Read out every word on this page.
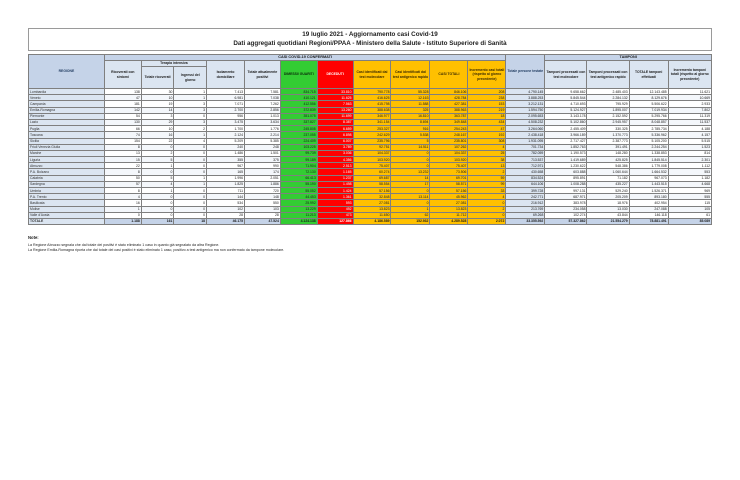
19 luglio 2021 - Aggiornamento casi Covid-19
Dati aggregati quotidiani Regioni/PPAA - Ministero della Salute - Istituto Superiore di Sanità
REGIONE	CASI COVID-19 CONFERMATI											Totale persone testate	TAMPONI			
	Ricoverati con sintomi	Terapia intensiva		Isolamento domiciliare	Totale attualmente positivi	DIMESSI/ GUARITI	DECEDUTI	Casi identificati dal test molecolare	Casi identificati dal test antigenico rapido	CASI TOTALI	Incremento casi totali (rispetto al giorno precedente)		Tamponi processati con test molecolare	Tamponi processati con test antigenico rapido	TOTALE tamponi effettuati	Incremento tamponi totali (rispetto al giorno precedente)
		Totale ricoverati	Ingressi del giorno													
Lombardia	138	30	1	7.413	7.581	834.715	33.810	790.778	55.328	846.106	208	4.790.145	9.658.662	2.485.403	12.143.485	11.621
Veneto	47	10	1	6.981	7.038	410.121	11.625	416.625	12.163	428.784	238	3.888.253	5.845.544	2.284.132	8.129.676	10.669
Campania	181	19	3	7.071	7.262	412.556	7.563	415.798	11.588	427.381	153	3.212.131	4.710.693	795.929	5.506.622	2.933
Emilia-Romagna	142	14	3	2.700	2.856	372.839	13.260	388.638	325	388.963	219	1.594.750	5.124.927	1.895.007	7.019.934	7.802
Piemonte	54	3	0	956	1.013	351.075	11.699	346.977	16.810	363.787	18	2.095.653	3.143.178	2.152.592	5.295.766	11.319
Lazio	130	29	3	3.475	3.634	337.827	8.387	341.154	8.694	349.848	434	4.508.232	5.102.860	2.945.957	8.048.857	11.537
Puglia	66	10	2	1.700	1.776	245.808	6.659	253.327	916	254.243	47	3.264.060	2.455.409	330.325	2.785.734	4.188
Toscana	74	16	1	2.124	2.214	237.055	6.898	242.629	5.538	248.167	192	2.438.418	3.966.189	1.370.773	5.336.962	4.157
Sicilia	154	22	4	5.209	5.385	224.409	6.007	235.796	5	235.801	308	1.931.095	2.717.427	2.387.773	5.105.200	5.515
Friuli Venezia Giulia	8	0	0	240	248	103.225	3.789	92.751	14.511	107.262	4	701.734	1.852.763	391.491	2.244.254	1.523
Marche	13	2	0	1.486	1.501	99.739	3.036	104.337	0	104.337	25	782.059	1.190.573	148.280	1.338.853	814
Liguria	15	5	0	355	375	99.189	4.356	103.920	0	103.920	38	713.537	1.419.689	425.825	1.845.514	2.301
Abruzzo	22	1	0	967	990	71.904	2.513	75.407	0	75.407	13	712.971	1.230.622	548.386	1.779.008	1.112
P.A. Bolzano	8	0	0	165	174	72.130	1.165	60.274	13.232	73.506	2	430.658	603.888	1.060.644	1.664.532	553
Calabria	50	5	1	1.996	2.051	66.413	1.237	69.687	14	69.701	59	834.524	895.891	71.182	967.073	1.182
Sardegna	57	4	1	1.825	1.886	55.190	1.498	58.554	17	58.571	99	644.106	1.008.288	435.227	1.443.515	4.668
Umbria	8	1	0	711	720	55.052	1.424	57.156	0	57.156	33	399.728	997.131	529.240	1.526.371	969
P.A. Trento	4	0	0	144	148	44.453	1.361	32.848	13.114	45.962	4	242.771	687.971	205.209	893.180	555
Basilicata	16	0	0	534	550	25.992	593	27.081	0	27.081	0	216.912	383.978	18.976	402.954	115
Molise	1	0	0	102	103	13.229	492	13.823	1	13.823	2	213.769	234.058	13.030	247.088	105
Valle d'Aosta	0	0	0	28	28	11.213	473	11.650	62	11.712	0	69.268	102.274	43.844	146.118	61
TOTALE	1.188	161	18	46.175	47.524	4.124.138	127.866	4.186.589	152.932	4.289.528	2.072	33.355.592	57.327.862	21.554.279	78.881.491	85.089
Note:
La Regione Abruzzo segnala che dal totale dei positivi è stato eliminato 1 caso in quanto già segnalato da altra Regione.
La Regione Emilia-Romagna riporta che dal totale dei casi positivi è stato eliminato 1 caso, positivo a test antigenico ma non confermato da tampone molecolare.
